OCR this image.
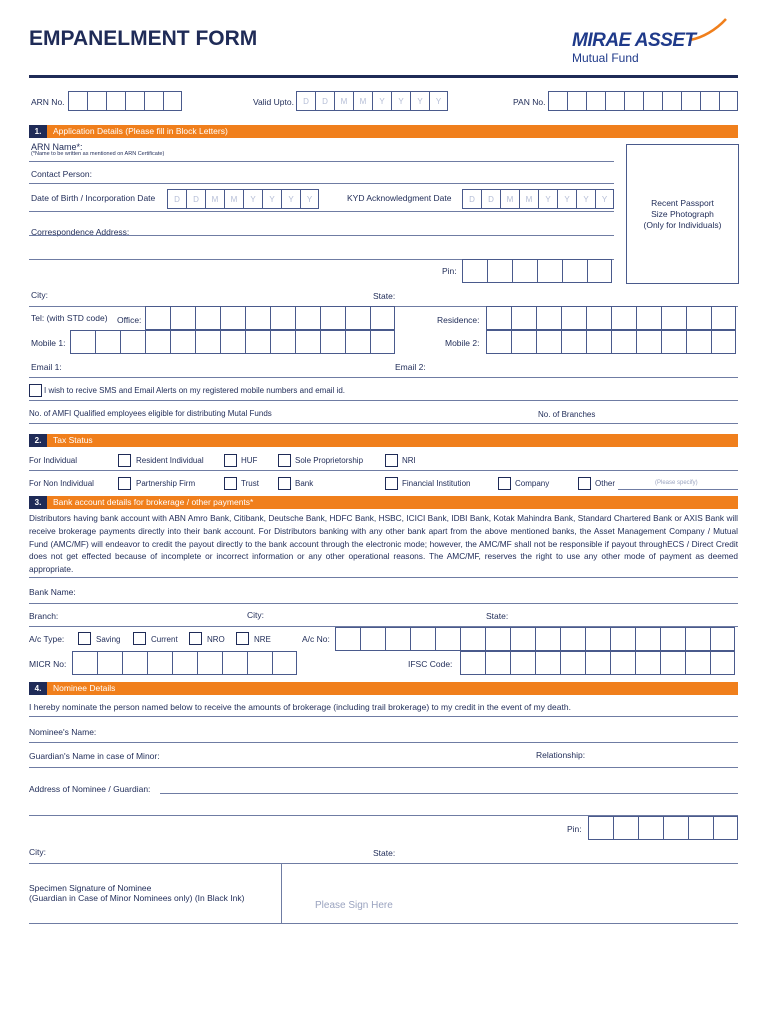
EMPANELMENT FORM	MIRAE ASSET
Mutual Fund
ARN No.	Valid Upto.	D	D	M	M	Y	Y	Y	Y	PAN No.
1.	Application Details (Please fill in Block Letters)
ARN Name*:
(*Name to be written as mentioned on ARN Certificate)
Contact Person:
Date of Birth / Incorporation Date	D	D	M	M	Y	Y	Y	Y	KYD Acknowledgment Date	D	D	M	M	Y	Y	Y	Y
Correspondence Address:
Pin:
Recent Passport
Size Photograph
(Only for Individuals)
City:	State:
Tel: (with STD code) Office:	Residence:
Mobile 1:	Mobile 2:
Email 1:	Email 2:
I wish to recive SMS and Email Alerts on my registered mobile numbers and email id.
No. of AMFI Qualified employees eligible for distributing Mutal Funds	No. of Branches
2.	Tax Status
For Individual	Resident Individual	HUF	Sole Proprietorship	NRI
For Non Individual	Partnership Firm	Trust	Bank	Financial Institution	Company	Other	(Please specify)
3.	Bank account details for brokerage / other payments*
Distributors having bank account with ABN Amro Bank, Citibank, Deutsche Bank, HDFC Bank, HSBC, ICICI Bank, IDBI Bank, Kotak Mahindra Bank, Standard Chartered Bank or AXIS Bank will receive brokerage payments directly into their bank account. For Distributors banking with any other bank apart from the above mentioned banks, the Asset Management Company / Mutual Fund (AMC/MF) will endeavor to credit the payout directly to the bank account through the electronic mode; however, the AMC/MF shall not be responsible if payout throughECS / Direct Credit does not get effected because of incomplete or incorrect information or any other operational reasons. The AMC/MF, reserves the right to use any other mode of payment as deemed appropriate.
Bank Name:
Branch:	City:	State:
A/c Type:	Saving	Current	NRO	NRE	A/c No:
MICR No:	IFSC Code:
4.	Nominee Details
I hereby nominate the person named below to receive the amounts of brokerage (including trail brokerage) to my credit in the event of my death.
Nominee's Name:
Guardian's Name in case of Minor:	Relationship:
Address of Nominee / Guardian:
Pin:
City:	State:
Specimen Signature of Nominee
(Guardian in Case of Minor Nominees only) (In Black Ink)
Please Sign Here
